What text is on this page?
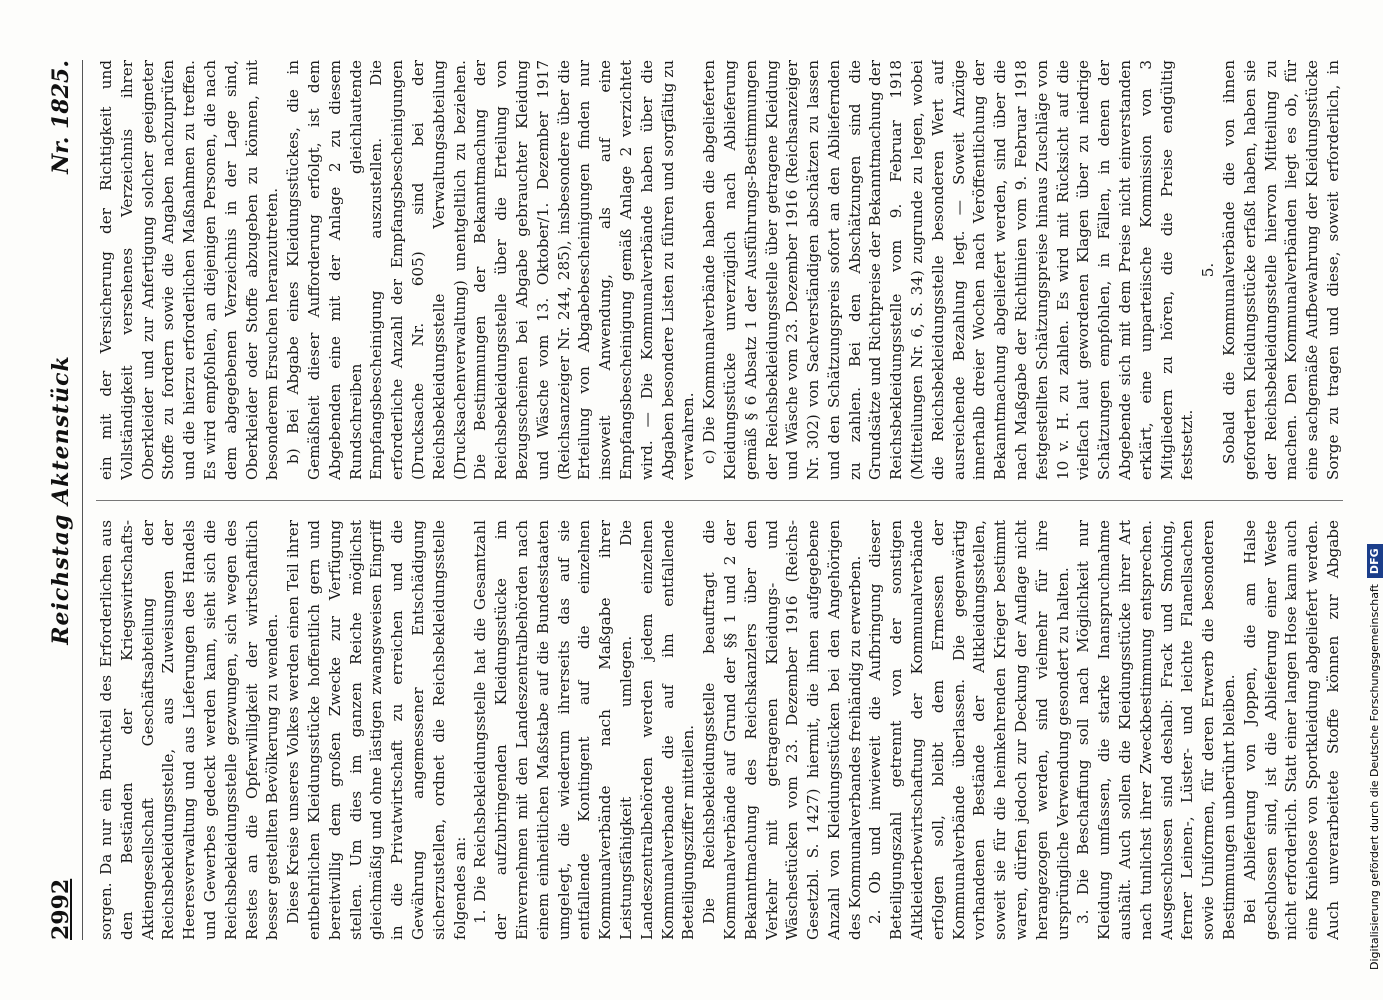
2992
Reichstag Aktenstück
Nr. 1825.

sorgen. Da nur ein Bruchteil des Erforderlichen aus den Beständen der Kriegswirtschafts-Aktiengesellschaft Geschäftsabteilung der Reichsbekleidungsstelle, aus Zuweisungen der Heeresverwaltung und aus Lieferungen des Handels und Gewerbes gedeckt werden kann, sieht sich die Reichsbekleidungsstelle gezwungen, sich wegen des Restes an die Opferwilligkeit der wirtschaftlich besser gestellten Bevölkerung zu wenden. Diese Kreise unseres Volkes werden einen Teil ihrer entbehrlichen Kleidungsstücke hoffentlich gern und bereitwillig dem großen Zwecke zur Verfügung stellen. Um dies im ganzen Reiche möglichst gleichmäßig und ohne lästigen zwangsweisen Eingriff in die Privatwirtschaft zu erreichen und die Gewährung angemessener Entschädigung sicherzustellen, ordnet die Reichsbekleidungsstelle folgendes an: 1. Die Reichsbekleidungsstelle hat die Gesamtzahl der aufzubringenden Kleidungsstücke im Einvernehmen mit den Landeszentralbehörden nach einem einheitlichen Maßstabe auf die Bundesstaaten umgelegt, die wiederum ihrerseits das auf sie entfallende Kontingent auf die einzelnen Kommunalverbände nach Maßgabe ihrer Leistungsfähigkeit umlegen. Die Landeszentralbehörden werden jedem einzelnen Kommunalverbande die auf ihn entfallende Beteiligungsziffer mitteilen. Die Reichsbekleidungsstelle beauftragt die Kommunalverbände auf Grund der §§ 1 und 2 der Bekanntmachung des Reichskanzlers über den Verkehr mit getragenen Kleidungs- und Wäschestücken vom 23. Dezember 1916 (Reichs-Gesetzbl. S. 1427) hiermit, die ihnen aufgegebene Anzahl von Kleidungsstücken bei den Angehörigen des Kommunalverbandes freihändig zu erwerben. 2. Ob und inwieweit die Aufbringung dieser Beteiligungszahl getrennt von der sonstigen Altkleiderbewirtschaftung der Kommunalverbände erfolgen soll, bleibt dem Ermessen der Kommunalverbände überlassen. Die gegenwärtig vorhandenen Bestände der Altkleidungsstellen, soweit sie für die heimkehrenden Krieger bestimmt waren, dürfen jedoch zur Deckung der Auflage nicht herangezogen werden, sind vielmehr für ihre ursprüngliche Verwendung gesondert zu halten. 3. Die Beschaffung soll nach Möglichkeit nur Kleidung umfassen, die starke Inanspruchnahme aushält. Auch sollen die Kleidungsstücke ihrer Art nach tunlichst ihrer Zweckbestimmung entsprechen. Ausgeschlossen sind deshalb: Frack und Smoking, ferner Leinen-, Lüster- und leichte Flanellsachen sowie Uniformen, für deren Erwerb die besonderen Bestimmungen unberührt bleiben. Bei Ablieferung von Joppen, die am Halse geschlossen sind, ist die Ablieferung einer Weste nicht erforderlich. Statt einer langen Hose kann auch eine Kniehose von Sportkleidung abgeliefert werden. Auch unverarbeitete Stoffe können zur Abgabe

ein mit der Versicherung der Richtigkeit und Vollständigkeit versehenes Verzeichnis ihrer Oberkleider und zur Anfertigung solcher geeigneter Stoffe zu fordern sowie die Angaben nachzuprüfen und die hierzu erforderlichen Maßnahmen zu treffen. Es wird empfohlen, an diejenigen Personen, die nach dem abgegebenen Verzeichnis in der Lage sind, Oberkleider oder Stoffe abzugeben zu können, mit besonderem Ersuchen heranzutreten. b) Bei Abgabe eines Kleidungsstückes, die in Gemäßheit dieser Aufforderung erfolgt, ist dem Abgebenden eine mit der Anlage 2 zu diesem Rundschreiben gleichlautende Empfangsbescheinigung auszustellen. Die erforderliche Anzahl der Empfangsbescheinigungen (Drucksache Nr. 605) sind bei der Reichsbekleidungsstelle Verwaltungsabteilung (Drucksachenverwaltung) unentgeltlich zu beziehen. Die Bestimmungen der Bekanntmachung der Reichsbekleidungsstelle über die Erteilung von Bezugsscheinen bei Abgabe gebrauchter Kleidung und Wäsche vom 13. Oktober/1. Dezember 1917 (Reichsanzeiger Nr. 244, 285), insbesondere über die Erteilung von Abgabebescheinigungen finden nur insoweit Anwendung, als auf eine Empfangsbescheinigung gemäß Anlage 2 verzichtet wird. — Die Kommunalverbände haben über die Abgaben besondere Listen zu führen und sorgfältig zu verwahren. c) Die Kommunalverbände haben die abgelieferten Kleidungsstücke unverzüglich nach Ablieferung gemäß § 6 Absatz 1 der Ausführungs-Bestimmungen der Reichsbekleidungsstelle über getragene Kleidung und Wäsche vom 23. Dezember 1916 (Reichsanzeiger Nr. 302) von Sachverständigen abschätzen zu lassen und den Schätzungspreis sofort an den Abliefernden zu zahlen. Bei den Abschätzungen sind die Grundsätze und Richtpreise der Bekanntmachung der Reichsbekleidungsstelle vom 9. Februar 1918 (Mitteilungen Nr. 6, S. 34) zugrunde zu legen, wobei die Reichsbekleidungsstelle besonderen Wert auf ausreichende Bezahlung legt. — Soweit Anzüge innerhalb dreier Wochen nach Veröffentlichung der Bekanntmachung abgeliefert werden, sind über die nach Maßgabe der Richtlinien vom 9. Februar 1918 festgestellten Schätzungspreise hinaus Zuschläge von 10 v. H. zu zahlen. Es wird mit Rücksicht auf die vielfach laut gewordenen Klagen über zu niedrige Schätzungen empfohlen, in Fällen, in denen der Abgebende sich mit dem Preise nicht einverstanden erklärt, eine unparteiische Kommission von 3 Mitgliedern zu hören, die die Preise endgültig festsetzt.

5.

Sobald die Kommunalverbände die von ihnen geforderten Kleidungsstücke erfaßt haben, haben sie der Reichsbekleidungsstelle hiervon Mitteilung zu machen. Den Kommunalverbänden liegt es ob, für eine sachgemäße Aufbewahrung der Kleidungsstücke Sorge zu tragen und diese, soweit erforderlich, in

Digitalisierung gefördert durch die Deutsche ForschungsgemeinschaftDFG
